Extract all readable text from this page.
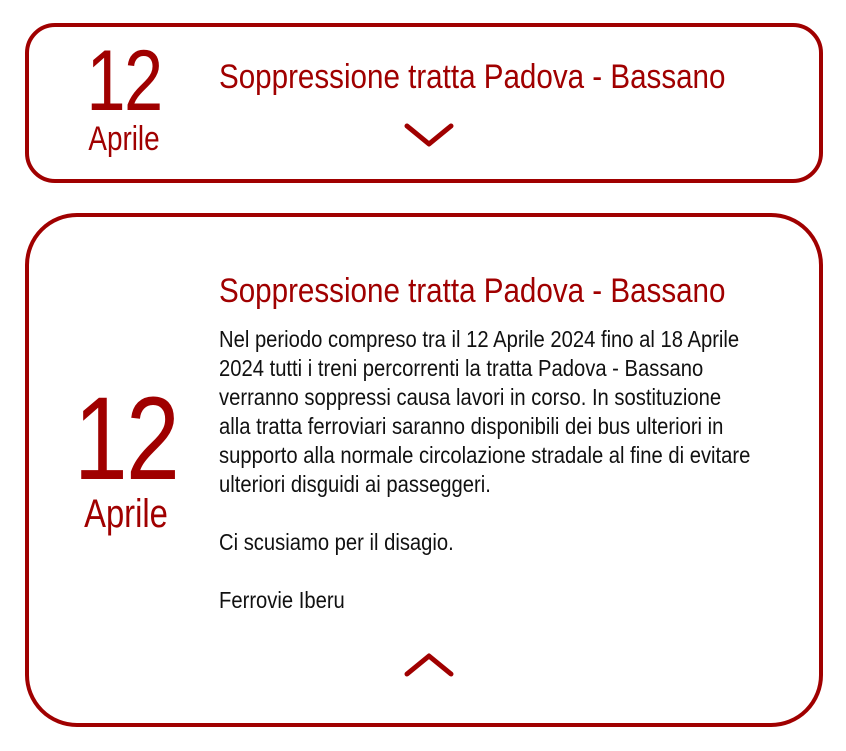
12
Aprile
Soppressione tratta Padova - Bassano
12
Aprile
Soppressione tratta Padova - Bassano

Nel periodo compreso tra il 12 Aprile 2024 fino al 18 Aprile 2024 tutti i treni percorrenti la tratta Padova - Bassano verranno soppressi causa lavori in corso. In sostituzione alla tratta ferroviari saranno disponibili dei bus ulteriori in supporto alla normale circolazione stradale al fine di evitare ulteriori disguidi ai passeggeri.

Ci scusiamo per il disagio.

Ferrovie Iberu
